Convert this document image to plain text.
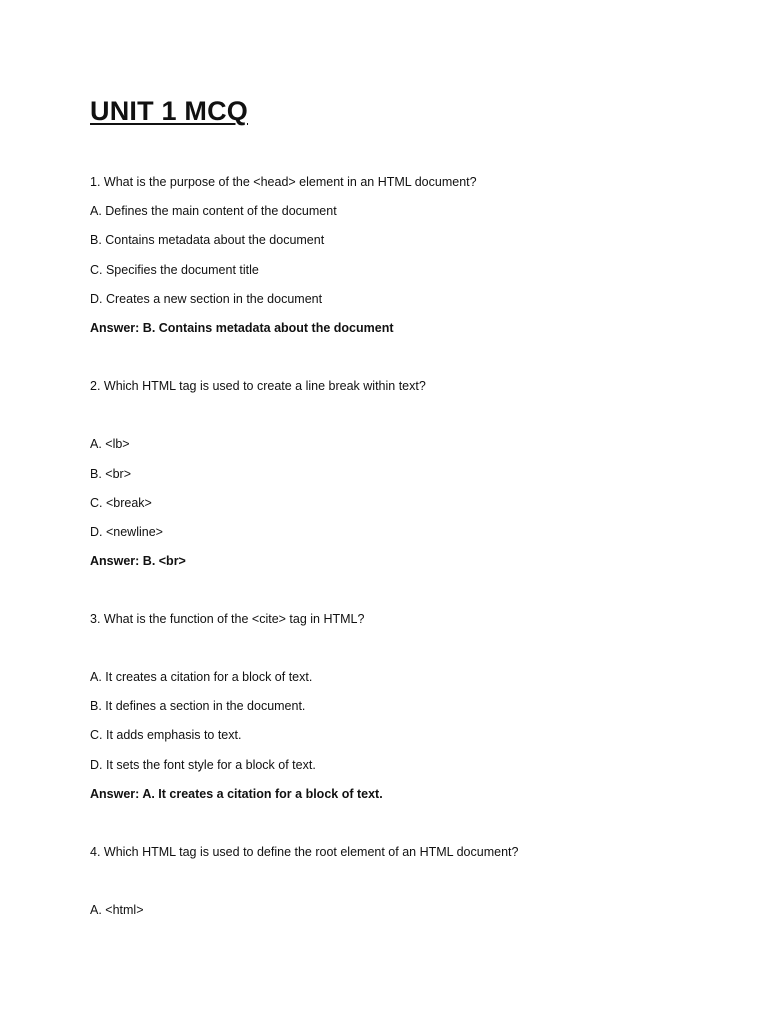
UNIT 1 MCQ

1. What is the purpose of the <head> element in an HTML document?

A. Defines the main content of the document

B. Contains metadata about the document

C. Specifies the document title

D. Creates a new section in the document

Answer: B. Contains metadata about the document

2. Which HTML tag is used to create a line break within text?

A. <lb>

B. <br>

C. <break>

D. <newline>

Answer: B. <br>

3. What is the function of the <cite> tag in HTML?

A. It creates a citation for a block of text.

B. It defines a section in the document.

C. It adds emphasis to text.

D. It sets the font style for a block of text.

Answer: A. It creates a citation for a block of text.

4. Which HTML tag is used to define the root element of an HTML document?

A. <html>
